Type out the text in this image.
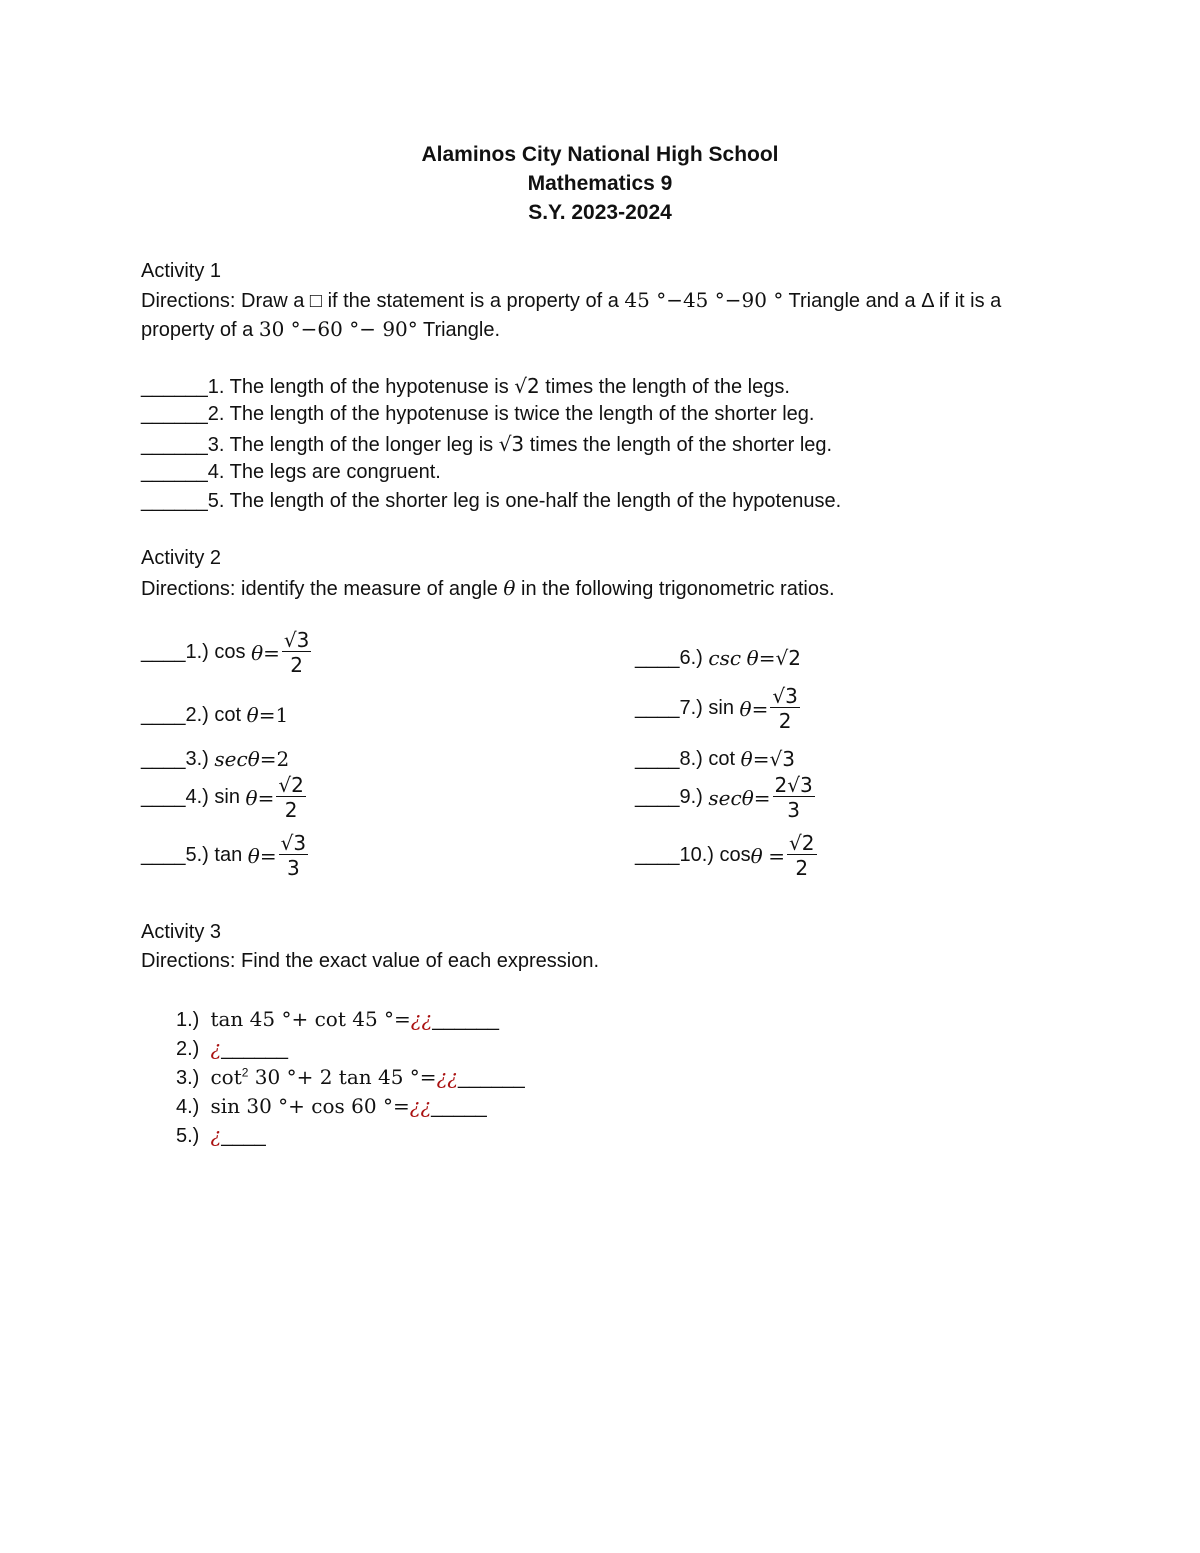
Alaminos City National High School
Mathematics 9
S.Y. 2023-2024
Activity 1
Directions: Draw a □ if the statement is a property of a 45 °−45 °−90 ° Triangle and a Δ if it is a
property of a 30 °−60 °− 90° Triangle.
______1. The length of the hypotenuse is √2 times the length of the legs.
______2. The length of the hypotenuse is twice the length of the shorter leg.
______3. The length of the longer leg is √3 times the length of the shorter leg.
______4. The legs are congruent.
______5. The length of the shorter leg is one-half the length of the hypotenuse.
Activity 2
Directions: identify the measure of angle θ in the following trigonometric ratios.
____ 1.)
cos
$\theta = \frac{√3}{2}$
____ 2.)
cot
θ = 1
____ 3.)
sec θ = 2
____ 4.)
sin
$\theta = \frac{√2}{2}$
____ 5.)
tan
$\theta = \frac{√3}{3}$
____ 6.)
csc
θ = √2
____ 7.)
sin
$\theta = \frac{√3}{2}$
____ 8.)
cot
θ = √3
____ 9.)
$\sec \theta = \frac{2√3}{3}$
____ 10.)
cos θ
= $\frac{√2}{2}$
Activity 3
Directions: Find the exact value of each expression.
1.) tan 45 °+ cot 45 °=¿¿______
2.) ¿______
3.) $\cot^2 30$ °+ 2 tan 45 °=¿¿______
4.) sin 30 °+ cos 60 °=¿¿_____
5.) ¿____
